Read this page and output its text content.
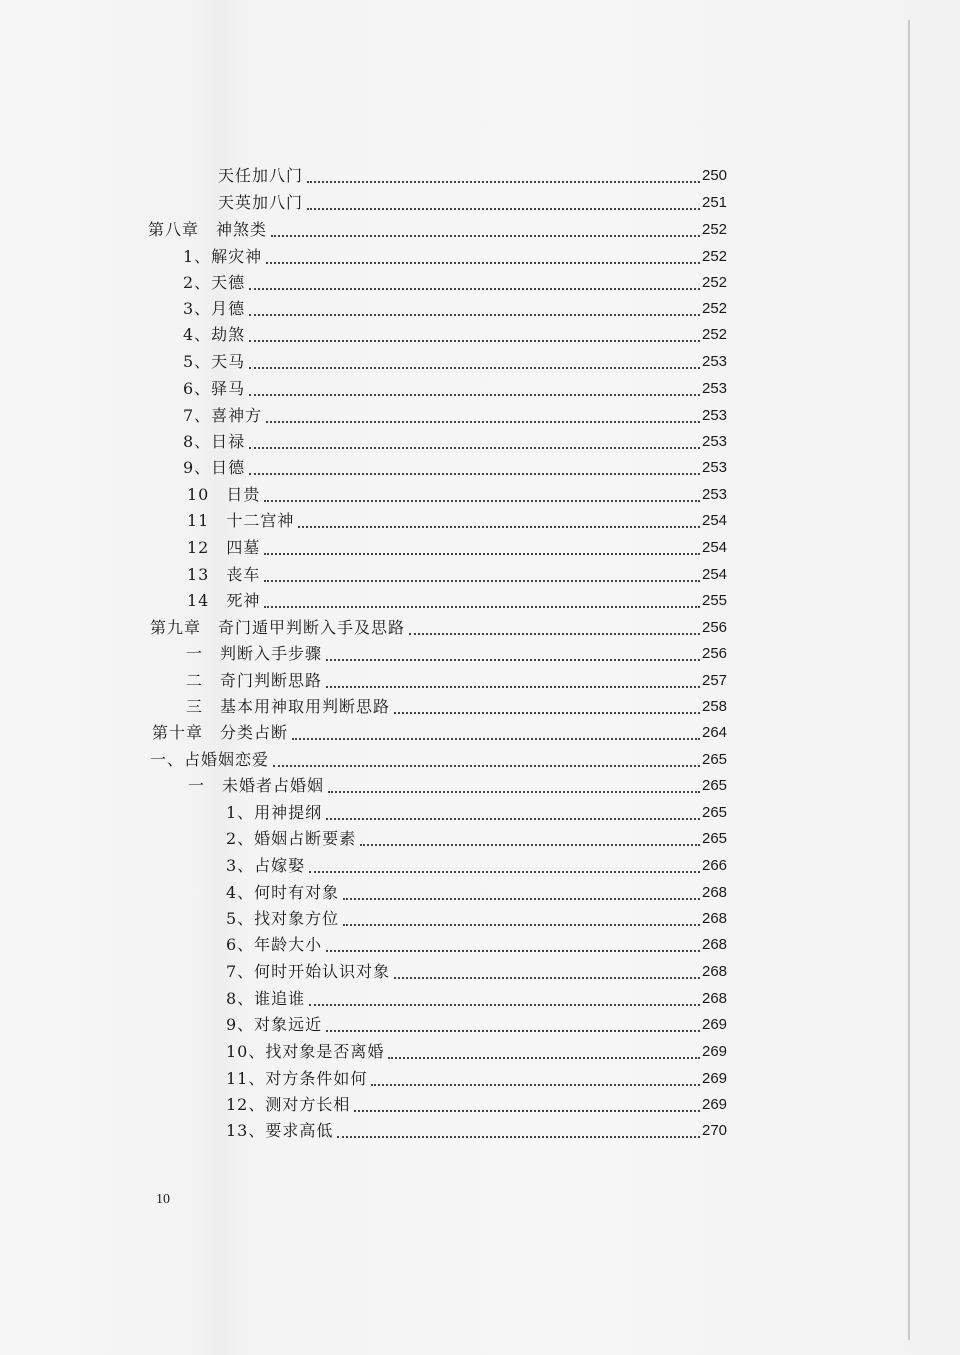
天任加八门	250
天英加八门	251
第八章　神煞类	252
1、解灾神	252
2、天德	252
3、月德	252
4、劫煞	252
5、天马	253
6、驿马	253
7、喜神方	253
8、日禄	253
9、日德	253
10　日贵	253
11　十二宫神	254
12　四墓	254
13　丧车	254
14　死神	255
第九章　奇门遁甲判断入手及思路	256
一　判断入手步骤	256
二　奇门判断思路	257
三　基本用神取用判断思路	258
第十章　分类占断	264
一、占婚姻恋爱	265
一　未婚者占婚姻	265
1、用神提纲	265
2、婚姻占断要素	265
3、占嫁娶	266
4、何时有对象	268
5、找对象方位	268
6、年龄大小	268
7、何时开始认识对象	268
8、谁追谁	268
9、对象远近	269
10、找对象是否离婚	269
11、对方条件如何	269
12、测对方长相	269
13、要求高低	270
10
